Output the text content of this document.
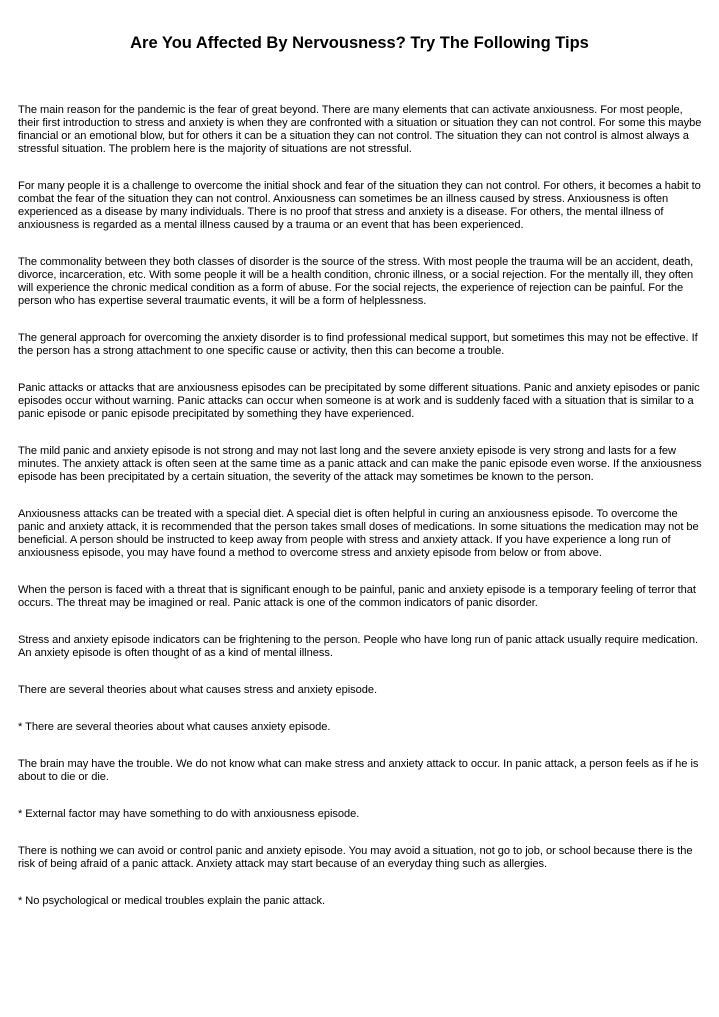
Are You Affected By Nervousness? Try The Following Tips

The main reason for the pandemic is the fear of great beyond. There are many elements that can activate anxiousness. For most people, their first introduction to stress and anxiety is when they are confronted with a situation or situation they can not control. For some this maybe financial or an emotional blow, but for others it can be a situation they can not control. The situation they can not control is almost always a stressful situation. The problem here is the majority of situations are not stressful.

For many people it is a challenge to overcome the initial shock and fear of the situation they can not control. For others, it becomes a habit to combat the fear of the situation they can not control. Anxiousness can sometimes be an illness caused by stress. Anxiousness is often experienced as a disease by many individuals. There is no proof that stress and anxiety is a disease. For others, the mental illness of anxiousness is regarded as a mental illness caused by a trauma or an event that has been experienced.

The commonality between they both classes of disorder is the source of the stress. With most people the trauma will be an accident, death, divorce, incarceration, etc. With some people it will be a health condition, chronic illness, or a social rejection. For the mentally ill, they often will experience the chronic medical condition as a form of abuse. For the social rejects, the experience of rejection can be painful. For the person who has expertise several traumatic events, it will be a form of helplessness.

The general approach for overcoming the anxiety disorder is to find professional medical support, but sometimes this may not be effective. If the person has a strong attachment to one specific cause or activity, then this can become a trouble.

Panic attacks or attacks that are anxiousness episodes can be precipitated by some different situations. Panic and anxiety episodes or panic episodes occur without warning. Panic attacks can occur when someone is at work and is suddenly faced with a situation that is similar to a panic episode or panic episode precipitated by something they have experienced.

The mild panic and anxiety episode is not strong and may not last long and the severe anxiety episode is very strong and lasts for a few minutes. The anxiety attack is often seen at the same time as a panic attack and can make the panic episode even worse. If the anxiousness episode has been precipitated by a certain situation, the severity of the attack may sometimes be known to the person.

Anxiousness attacks can be treated with a special diet. A special diet is often helpful in curing an anxiousness episode. To overcome the panic and anxiety attack, it is recommended that the person takes small doses of medications. In some situations the medication may not be beneficial. A person should be instructed to keep away from people with stress and anxiety attack. If you have experience a long run of anxiousness episode, you may have found a method to overcome stress and anxiety episode from below or from above.

When the person is faced with a threat that is significant enough to be painful, panic and anxiety episode is a temporary feeling of terror that occurs. The threat may be imagined or real. Panic attack is one of the common indicators of panic disorder.

Stress and anxiety episode indicators can be frightening to the person. People who have long run of panic attack usually require medication. An anxiety episode is often thought of as a kind of mental illness.

There are several theories about what causes stress and anxiety episode.

* There are several theories about what causes anxiety episode.

The brain may have the trouble. We do not know what can make stress and anxiety attack to occur. In panic attack, a person feels as if he is about to die or die.

* External factor may have something to do with anxiousness episode.

There is nothing we can avoid or control panic and anxiety episode. You may avoid a situation, not go to job, or school because there is the risk of being afraid of a panic attack. Anxiety attack may start because of an everyday thing such as allergies.

* No psychological or medical troubles explain the panic attack.
